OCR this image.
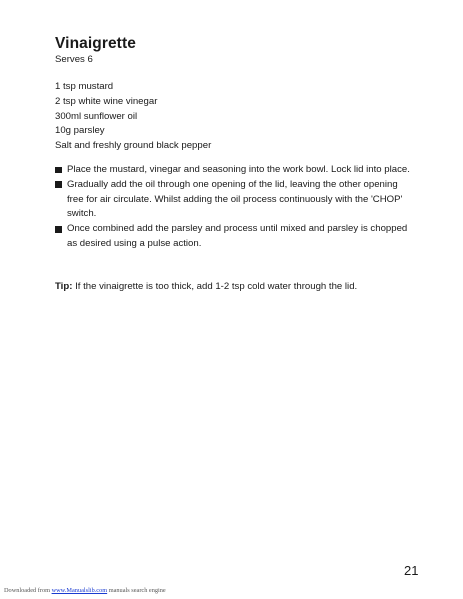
Vinaigrette
Serves 6
1 tsp mustard
2 tsp white wine vinegar
300ml sunflower oil
10g parsley
Salt and freshly ground black pepper
Place the mustard, vinegar and seasoning into the work bowl. Lock lid into place.
Gradually add the oil through one opening of the lid, leaving the other opening free for air circulate. Whilst adding the oil process continuously with the 'CHOP' switch.
Once combined add the parsley and process until mixed and parsley is chopped as desired using a pulse action.

Tip: If the vinaigrette is too thick, add 1-2 tsp cold water through the lid.

21
Downloaded from www.Manualslib.com manuals search engine
